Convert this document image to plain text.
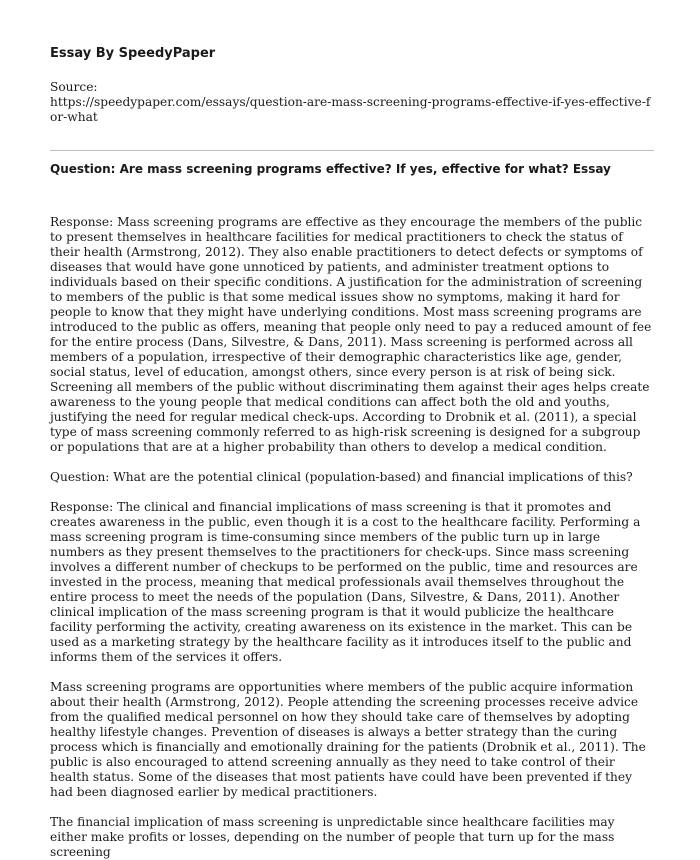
Essay By SpeedyPaper
Source:
https://speedypaper.com/essays/question-are-mass-screening-programs-effective-if-yes-effective-for-what
Question: Are mass screening programs effective? If yes, effective for what? Essay

Response: Mass screening programs are effective as they encourage the members of the public to present themselves in healthcare facilities for medical practitioners to check the status of their health (Armstrong, 2012). They also enable practitioners to detect defects or symptoms of diseases that would have gone unnoticed by patients, and administer treatment options to individuals based on their specific conditions. A justification for the administration of screening to members of the public is that some medical issues show no symptoms, making it hard for people to know that they might have underlying conditions. Most mass screening programs are introduced to the public as offers, meaning that people only need to pay a reduced amount of fee for the entire process (Dans, Silvestre, & Dans, 2011). Mass screening is performed across all members of a population, irrespective of their demographic characteristics like age, gender, social status, level of education, amongst others, since every person is at risk of being sick. Screening all members of the public without discriminating them against their ages helps create awareness to the young people that medical conditions can affect both the old and youths, justifying the need for regular medical check-ups. According to Drobnik et al. (2011), a special type of mass screening commonly referred to as high-risk screening is designed for a subgroup or populations that are at a higher probability than others to develop a medical condition.

Question: What are the potential clinical (population-based) and financial implications of this?

Response: The clinical and financial implications of mass screening is that it promotes and creates awareness in the public, even though it is a cost to the healthcare facility. Performing a mass screening program is time-consuming since members of the public turn up in large numbers as they present themselves to the practitioners for check-ups. Since mass screening involves a different number of checkups to be performed on the public, time and resources are invested in the process, meaning that medical professionals avail themselves throughout the entire process to meet the needs of the population (Dans, Silvestre, & Dans, 2011). Another clinical implication of the mass screening program is that it would publicize the healthcare facility performing the activity, creating awareness on its existence in the market. This can be used as a marketing strategy by the healthcare facility as it introduces itself to the public and informs them of the services it offers.

Mass screening programs are opportunities where members of the public acquire information about their health (Armstrong, 2012). People attending the screening processes receive advice from the qualified medical personnel on how they should take care of themselves by adopting healthy lifestyle changes. Prevention of diseases is always a better strategy than the curing process which is financially and emotionally draining for the patients (Drobnik et al., 2011). The public is also encouraged to attend screening annually as they need to take control of their health status. Some of the diseases that most patients have could have been prevented if they had been diagnosed earlier by medical practitioners.

The financial implication of mass screening is unpredictable since healthcare facilities may either make profits or losses, depending on the number of people that turn up for the mass screening
